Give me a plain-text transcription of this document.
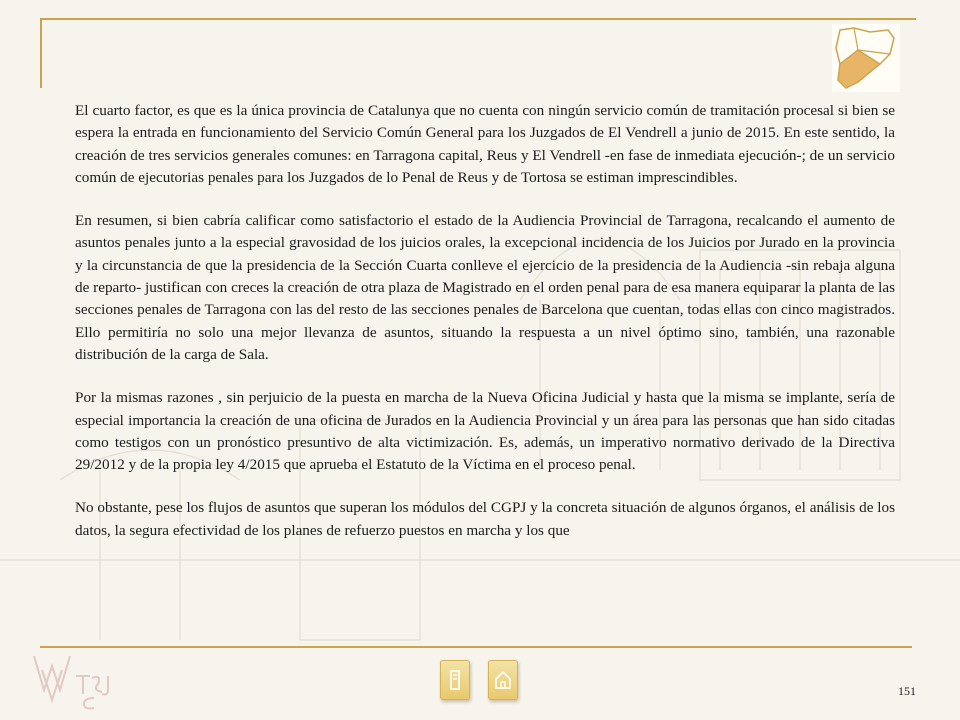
El cuarto factor, es que es la única provincia de Catalunya que no cuenta con ningún servicio común de tramitación procesal si bien se espera la entrada en funcionamiento del Servicio Común General para los Juzgados de El Vendrell a junio de 2015. En este sentido, la creación de tres servicios generales comunes: en Tarragona capital, Reus y El Vendrell -en fase de inmediata ejecución-; de un servicio común de ejecutorias penales para los Juzgados de lo Penal de Reus y de Tortosa se estiman imprescindibles.

En resumen, si bien cabría calificar como satisfactorio el estado de la Audiencia Provincial de Tarragona, recalcando el aumento de asuntos penales junto a la especial gravosidad de los juicios orales, la excepcional incidencia de los Juicios por Jurado en la provincia y la circunstancia de que la presidencia de la Sección Cuarta conlleve el ejercicio de la presidencia de la Audiencia -sin rebaja alguna de reparto- justifican con creces la creación de otra plaza de Magistrado en el orden penal para de esa manera equiparar la planta de las secciones penales de Tarragona con las del resto de las secciones penales de Barcelona que cuentan, todas ellas con cinco magistrados. Ello permitiría no solo una mejor llevanza de asuntos, situando la respuesta a un nivel óptimo sino, también, una razonable distribución de la carga de Sala.

Por la mismas razones , sin perjuicio de la puesta en marcha de la Nueva Oficina Judicial y hasta que la misma se implante, sería de especial importancia la creación de una oficina de Jurados en la Audiencia Provincial y un área para las personas que han sido citadas como testigos con un pronóstico presuntivo de alta victimización. Es, además, un imperativo normativo derivado de la Directiva 29/2012 y de la propia ley 4/2015 que aprueba el Estatuto de la Víctima en el proceso penal.

No obstante, pese los flujos de asuntos que superan los módulos del CGPJ y la concreta situación de algunos órganos, el análisis de los datos, la segura efectividad de los planes de refuerzo puestos en marcha y los que

151
